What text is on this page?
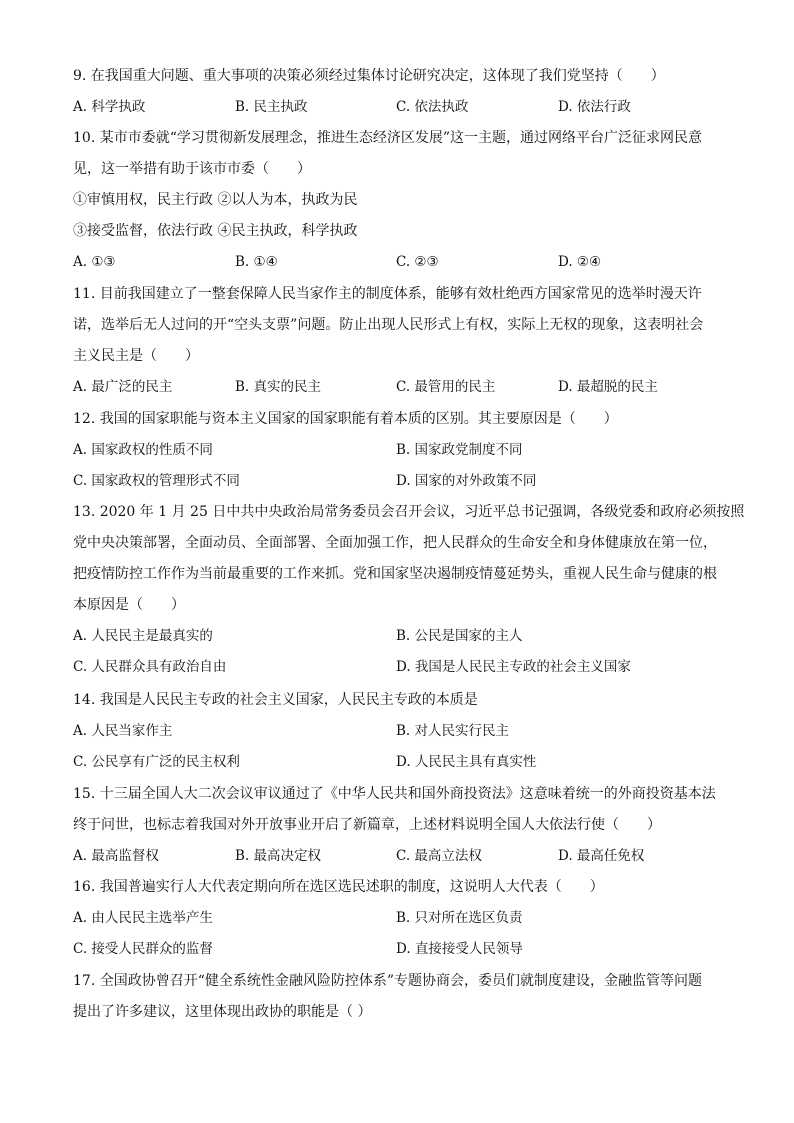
9. 在我国重大问题、重大事项的决策必须经过集体讨论研究决定，这体现了我们党坚持（　　）
A. 科学执政	B. 民主执政	C. 依法执政	D. 依法行政
10. 某市市委就“学习贯彻新发展理念，推进生态经济区发展”这一主题，通过网络平台广泛征求网民意
见，这一举措有助于该市市委（　　）
①审慎用权，民主行政 ②以人为本，执政为民
③接受监督，依法行政 ④民主执政，科学执政
A. ①③	B. ①④	C. ②③	D. ②④
11. 目前我国建立了一整套保障人民当家作主的制度体系，能够有效杜绝西方国家常见的选举时漫天许
诺，选举后无人过问的开“空头支票”问题。防止出现人民形式上有权，实际上无权的现象，这表明社会
主义民主是（　　）
A. 最广泛的民主	B. 真实的民主	C. 最管用的民主	D. 最超脱的民主
12. 我国的国家职能与资本主义国家的国家职能有着本质的区别。其主要原因是（　　）
A. 国家政权的性质不同	B. 国家政党制度不同
C. 国家政权的管理形式不同	D. 国家的对外政策不同
13. 2020 年 1 月 25 日中共中央政治局常务委员会召开会议，习近平总书记强调，各级党委和政府必须按照
党中央决策部署，全面动员、全面部署、全面加强工作，把人民群众的生命安全和身体健康放在第一位，
把疫情防控工作作为当前最重要的工作来抓。党和国家坚决遏制疫情蔓延势头，重视人民生命与健康的根
本原因是（　　）
A. 人民民主是最真实的	B. 公民是国家的主人
C. 人民群众具有政治自由	D. 我国是人民民主专政的社会主义国家
14. 我国是人民民主专政的社会主义国家，人民民主专政的本质是
A. 人民当家作主	B. 对人民实行民主
C. 公民享有广泛的民主权利	D. 人民民主具有真实性
15. 十三届全国人大二次会议审议通过了《中华人民共和国外商投资法》这意味着统一的外商投资基本法
终于问世，也标志着我国对外开放事业开启了新篇章，上述材料说明全国人大依法行使（　　）
A. 最高监督权	B. 最高决定权	C. 最高立法权	D. 最高任免权
16. 我国普遍实行人大代表定期向所在选区选民述职的制度，这说明人大代表（　　）
A. 由人民民主选举产生	B. 只对所在选区负责
C. 接受人民群众的监督	D. 直接接受人民领导
17. 全国政协曾召开“健全系统性金融风险防控体系”专题协商会，委员们就制度建设，金融监管等问题
提出了许多建议，这里体现出政协的职能是（ ）
